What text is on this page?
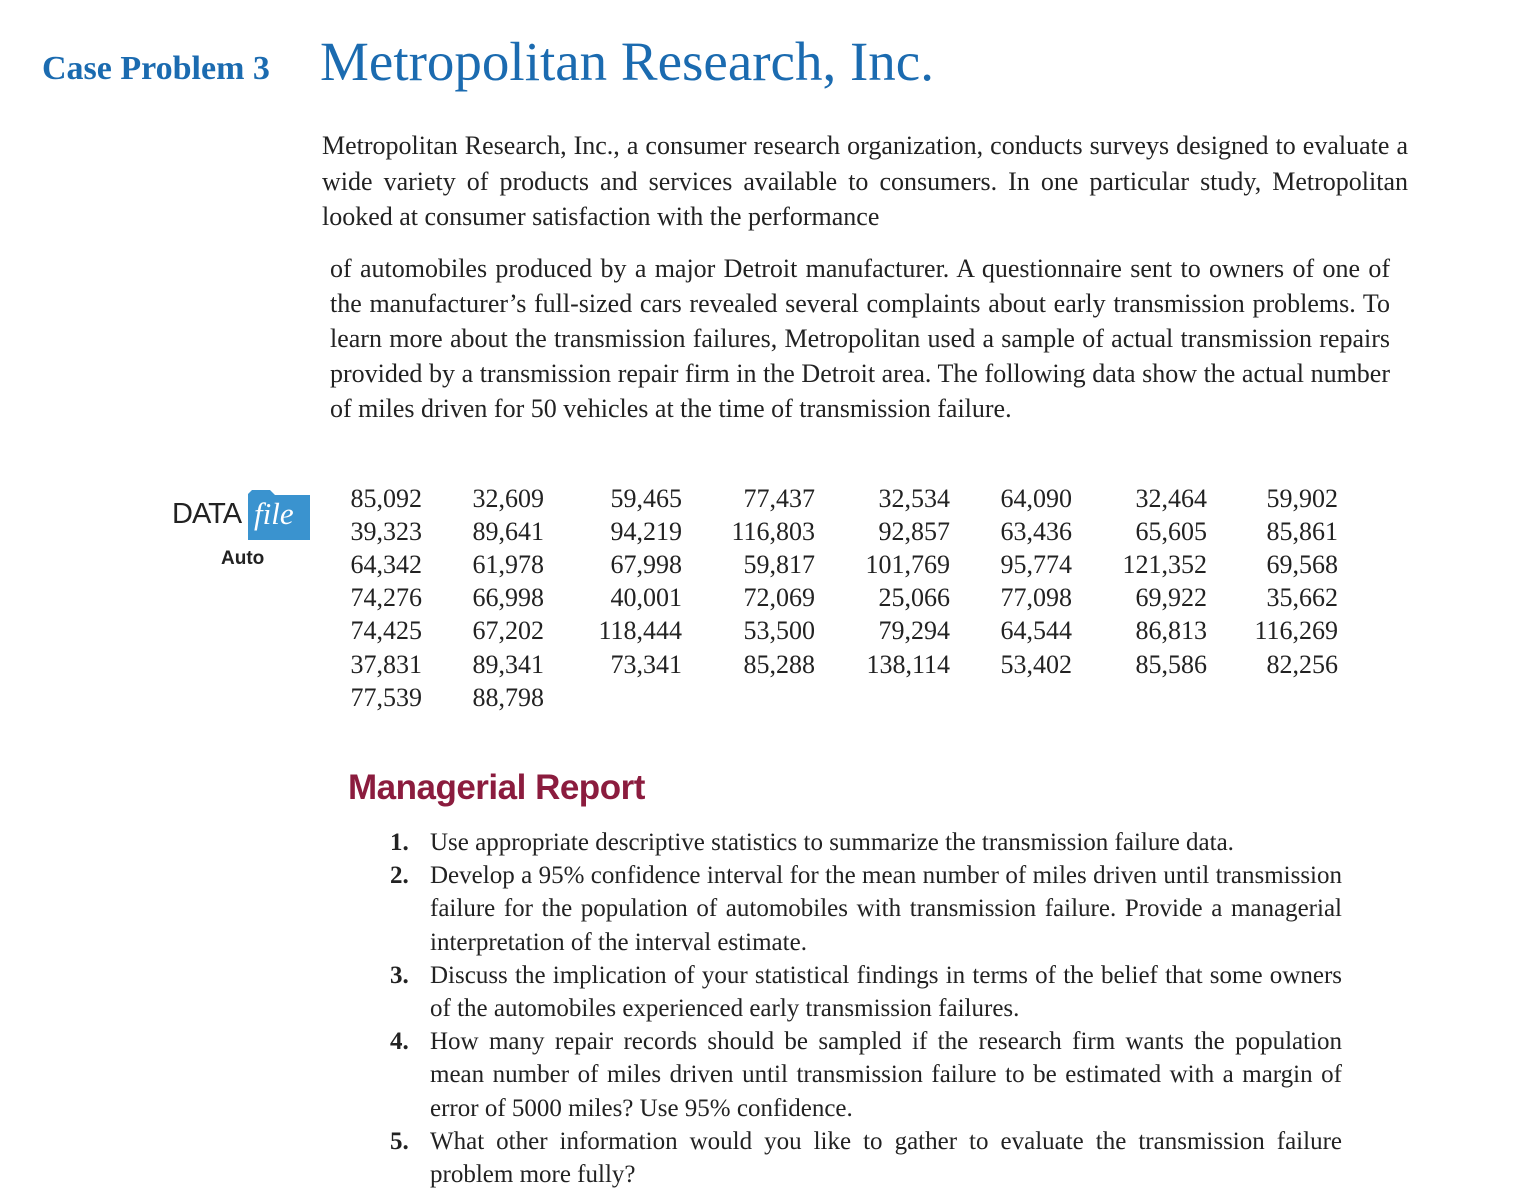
Case Problem 3 Metropolitan Research, Inc.

Metropolitan Research, Inc., a consumer research organization, conducts surveys designed to evaluate a wide variety of products and services available to consumers. In one particular study, Metropolitan looked at consumer satisfaction with the performance

of automobiles produced by a major Detroit manufacturer. A questionnaire sent to owners of one of the manufacturer’s full-sized cars revealed several complaints about early transmission problems. To learn more about the transmission failures, Metropolitan used a sample of actual transmission repairs provided by a transmission repair firm in the Detroit area. The following data show the actual number of miles driven for 50 vehicles at the time of transmission failure.

DATA file
Auto
85,092	32,609	59,465	77,437	32,534	64,090	32,464	59,902
39,323	89,641	94,219	116,803	92,857	63,436	65,605	85,861
64,342	61,978	67,998	59,817	101,769	95,774	121,352	69,568
74,276	66,998	40,001	72,069	25,066	77,098	69,922	35,662
74,425	67,202	118,444	53,500	79,294	64,544	86,813	116,269
37,831	89,341	73,341	85,288	138,114	53,402	85,586	82,256
77,539	88,798						
Managerial Report
1. Use appropriate descriptive statistics to summarize the transmission failure data.
2. Develop a 95% confidence interval for the mean number of miles driven until transmission failure for the population of automobiles with transmission failure. Provide a managerial interpretation of the interval estimate.
3. Discuss the implication of your statistical findings in terms of the belief that some owners of the automobiles experienced early transmission failures.
4. How many repair records should be sampled if the research firm wants the population mean number of miles driven until transmission failure to be estimated with a margin of error of 5000 miles? Use 95% confidence.
5. What other information would you like to gather to evaluate the transmission failure problem more fully?
